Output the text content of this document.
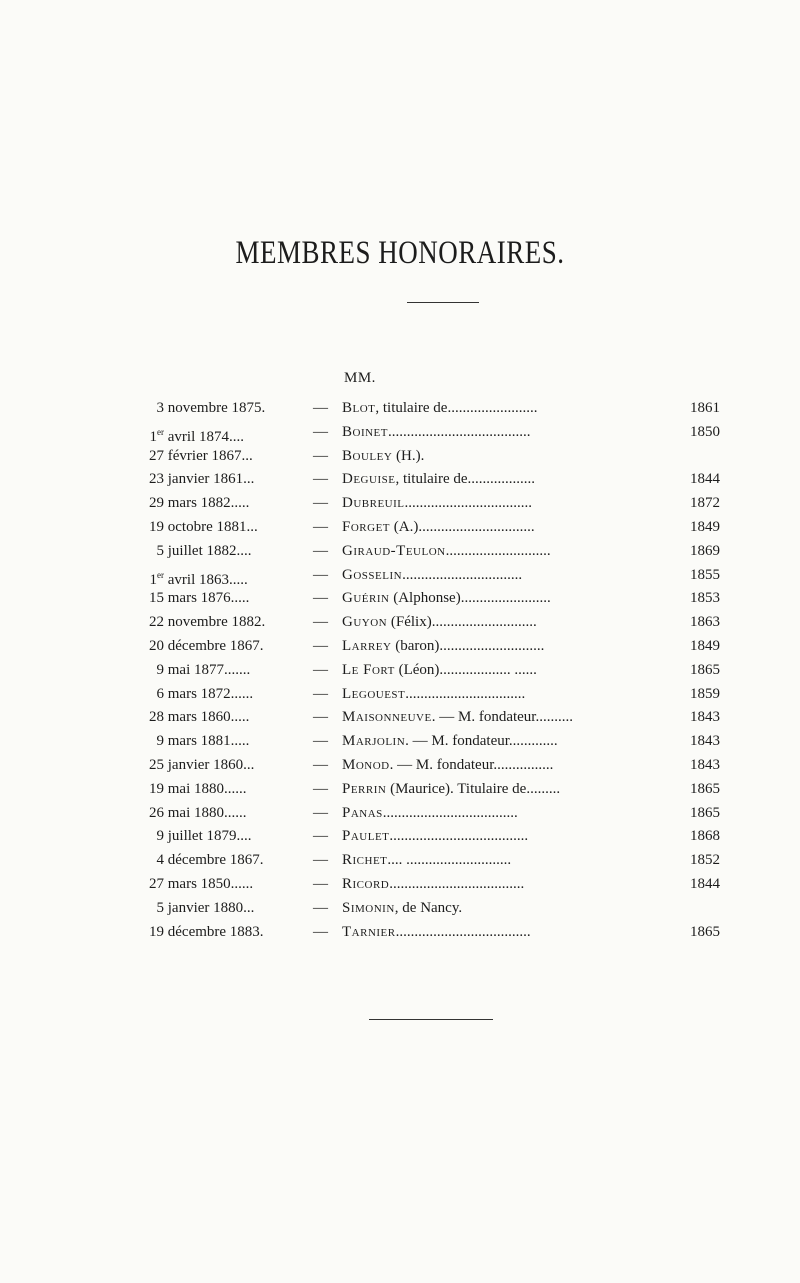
MEMBRES HONORAIRES.
MM.
3 novembre 1875.	— Blot, titulaire de........................	1861
1er avril 1874....	— Boinet......................................	1850
27 février 1867...	— Bouley (H.).
23 janvier 1861...	— Deguise, titulaire de..................	1844
29 mars 1882.....	— Dubreuil..................................	1872
19 octobre 1881...	— Forget (A.)...............................	1849
5 juillet 1882....	— Giraud-Teulon............................	1869
1er avril 1863.....	— Gosselin................................	1855
15 mars 1876.....	— Guérin (Alphonse)........................	1853
22 novembre 1882.	— Guyon (Félix)............................	1863
20 décembre 1867.	— Larrey (baron)............................	1849
9 mai 1877.......	— Le Fort (Léon)................... ......	1865
6 mars 1872......	— Legouest................................	1859
28 mars 1860.....	— Maisonneuve. — M. fondateur..........	1843
9 mars 1881.....	— Marjolin. — M. fondateur.............	1843
25 janvier 1860...	— Monod. — M. fondateur................	1843
19 mai 1880......	— Perrin (Maurice). Titulaire de.........	1865
26 mai 1880......	— Panas....................................	1865
9 juillet 1879....	— Paulet.....................................	1868
4 décembre 1867.	— Richet.... ............................	1852
27 mars 1850......	— Ricord....................................	1844
5 janvier 1880...	— Simonin, de Nancy.
19 décembre 1883.	— Tarnier....................................	1865
